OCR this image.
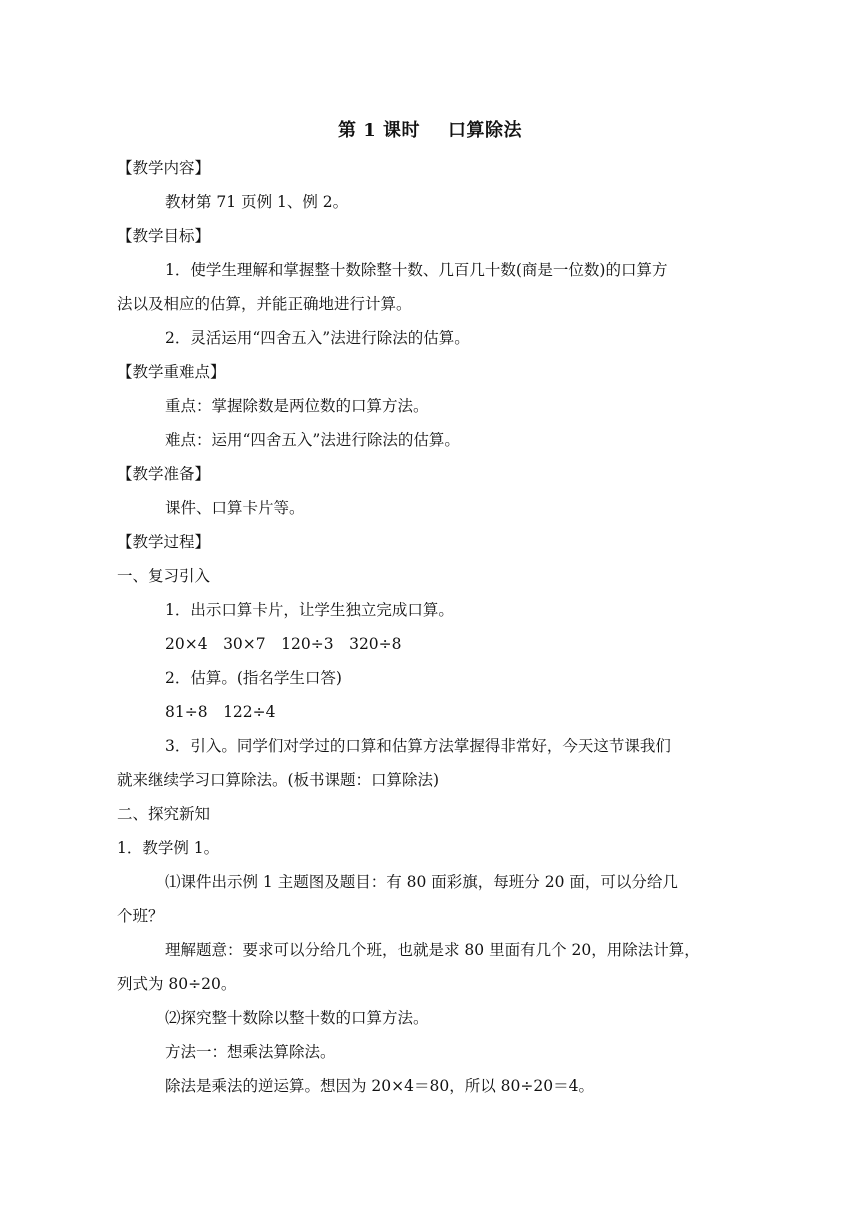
第 1 课时 口算除法
【教学内容】
教材第 71 页例 1、例 2。
【教学目标】
1．使学生理解和掌握整十数除整十数、几百几十数(商是一位数)的口算方
法以及相应的估算，并能正确地进行计算。
2．灵活运用“四舍五入”法进行除法的估算。
【教学重难点】
重点：掌握除数是两位数的口算方法。
难点：运用“四舍五入”法进行除法的估算。
【教学准备】
课件、口算卡片等。
【教学过程】
一、复习引入
1．出示口算卡片，让学生独立完成口算。
20×4　30×7　120÷3　320÷8
2．估算。(指名学生口答)
81÷8　122÷4
3．引入。同学们对学过的口算和估算方法掌握得非常好，今天这节课我们
就来继续学习口算除法。(板书课题：口算除法)
二、探究新知
1．教学例 1。
⑴课件出示例 1 主题图及题目：有 80 面彩旗，每班分 20 面，可以分给几
个班？
理解题意：要求可以分给几个班，也就是求 80 里面有几个 20，用除法计算，
列式为 80÷20。
⑵探究整十数除以整十数的口算方法。
方法一：想乘法算除法。
除法是乘法的逆运算。想因为 20×4＝80，所以 80÷20＝4。
